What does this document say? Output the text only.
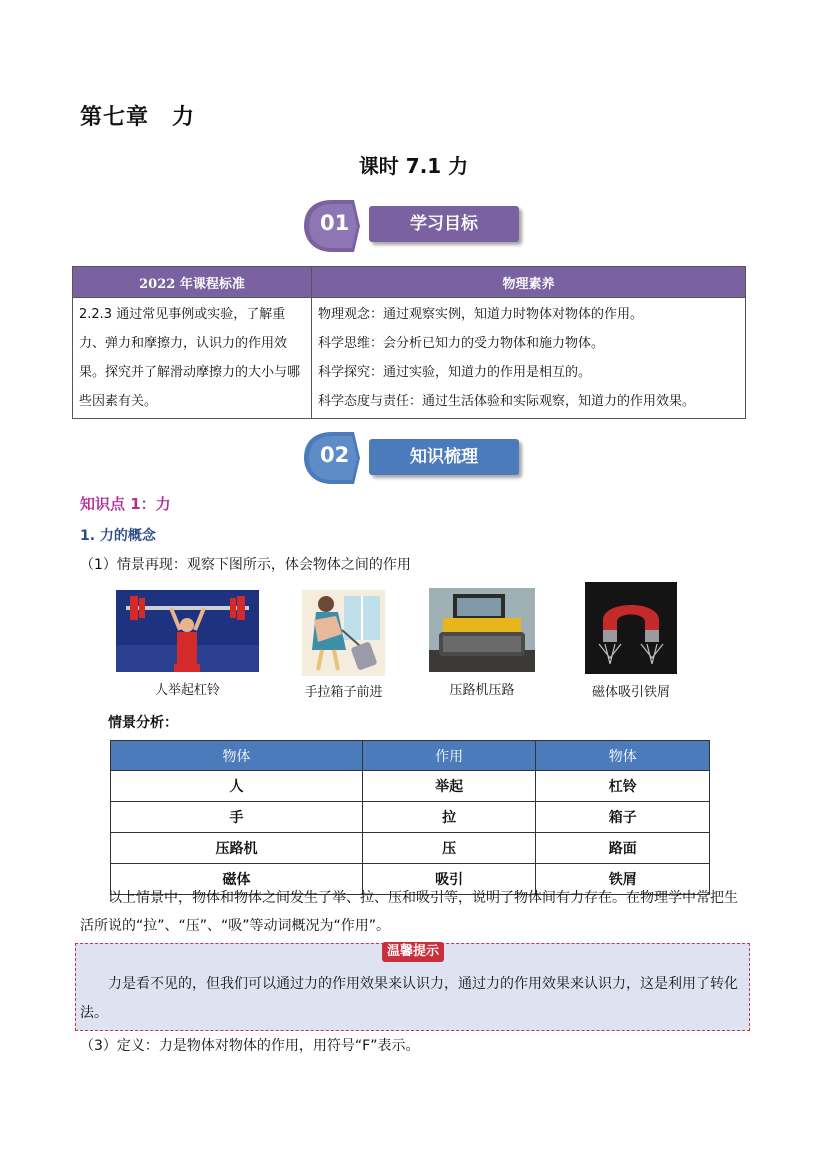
第七章　力
课时 7.1 力
01	学习目标
2022 年课程标准	物理素养
2.2.3 通过常见事例或实验，了解重力、弹力和摩擦力，认识力的作用效果。探究并了解滑动摩擦力的大小与哪些因素有关。	物理观念：通过观察实例，知道力时物体对物体的作用。
科学思维：会分析已知力的受力物体和施力物体。
科学探究：通过实验，知道力的作用是相互的。
科学态度与责任：通过生活体验和实际观察，知道力的作用效果。
02	知识梳理
知识点 1：力
1. 力的概念
（1）情景再现：观察下图所示，体会物体之间的作用
人举起杠铃	手拉箱子前进	压路机压路	磁体吸引铁屑
情景分析：
物体	作用	物体
人	举起	杠铃
手	拉	箱子
压路机	压	路面
磁体	吸引	铁屑
以上情景中，物体和物体之间发生了举、拉、压和吸引等，说明了物体间有力存在。在物理学中常把生活所说的“拉”、“压”、“吸”等动词概况为“作用”。
温馨提示
力是看不见的，但我们可以通过力的作用效果来认识力，通过力的作用效果来认识力，这是利用了转化法。
（3）定义：力是物体对物体的作用，用符号“F”表示。
